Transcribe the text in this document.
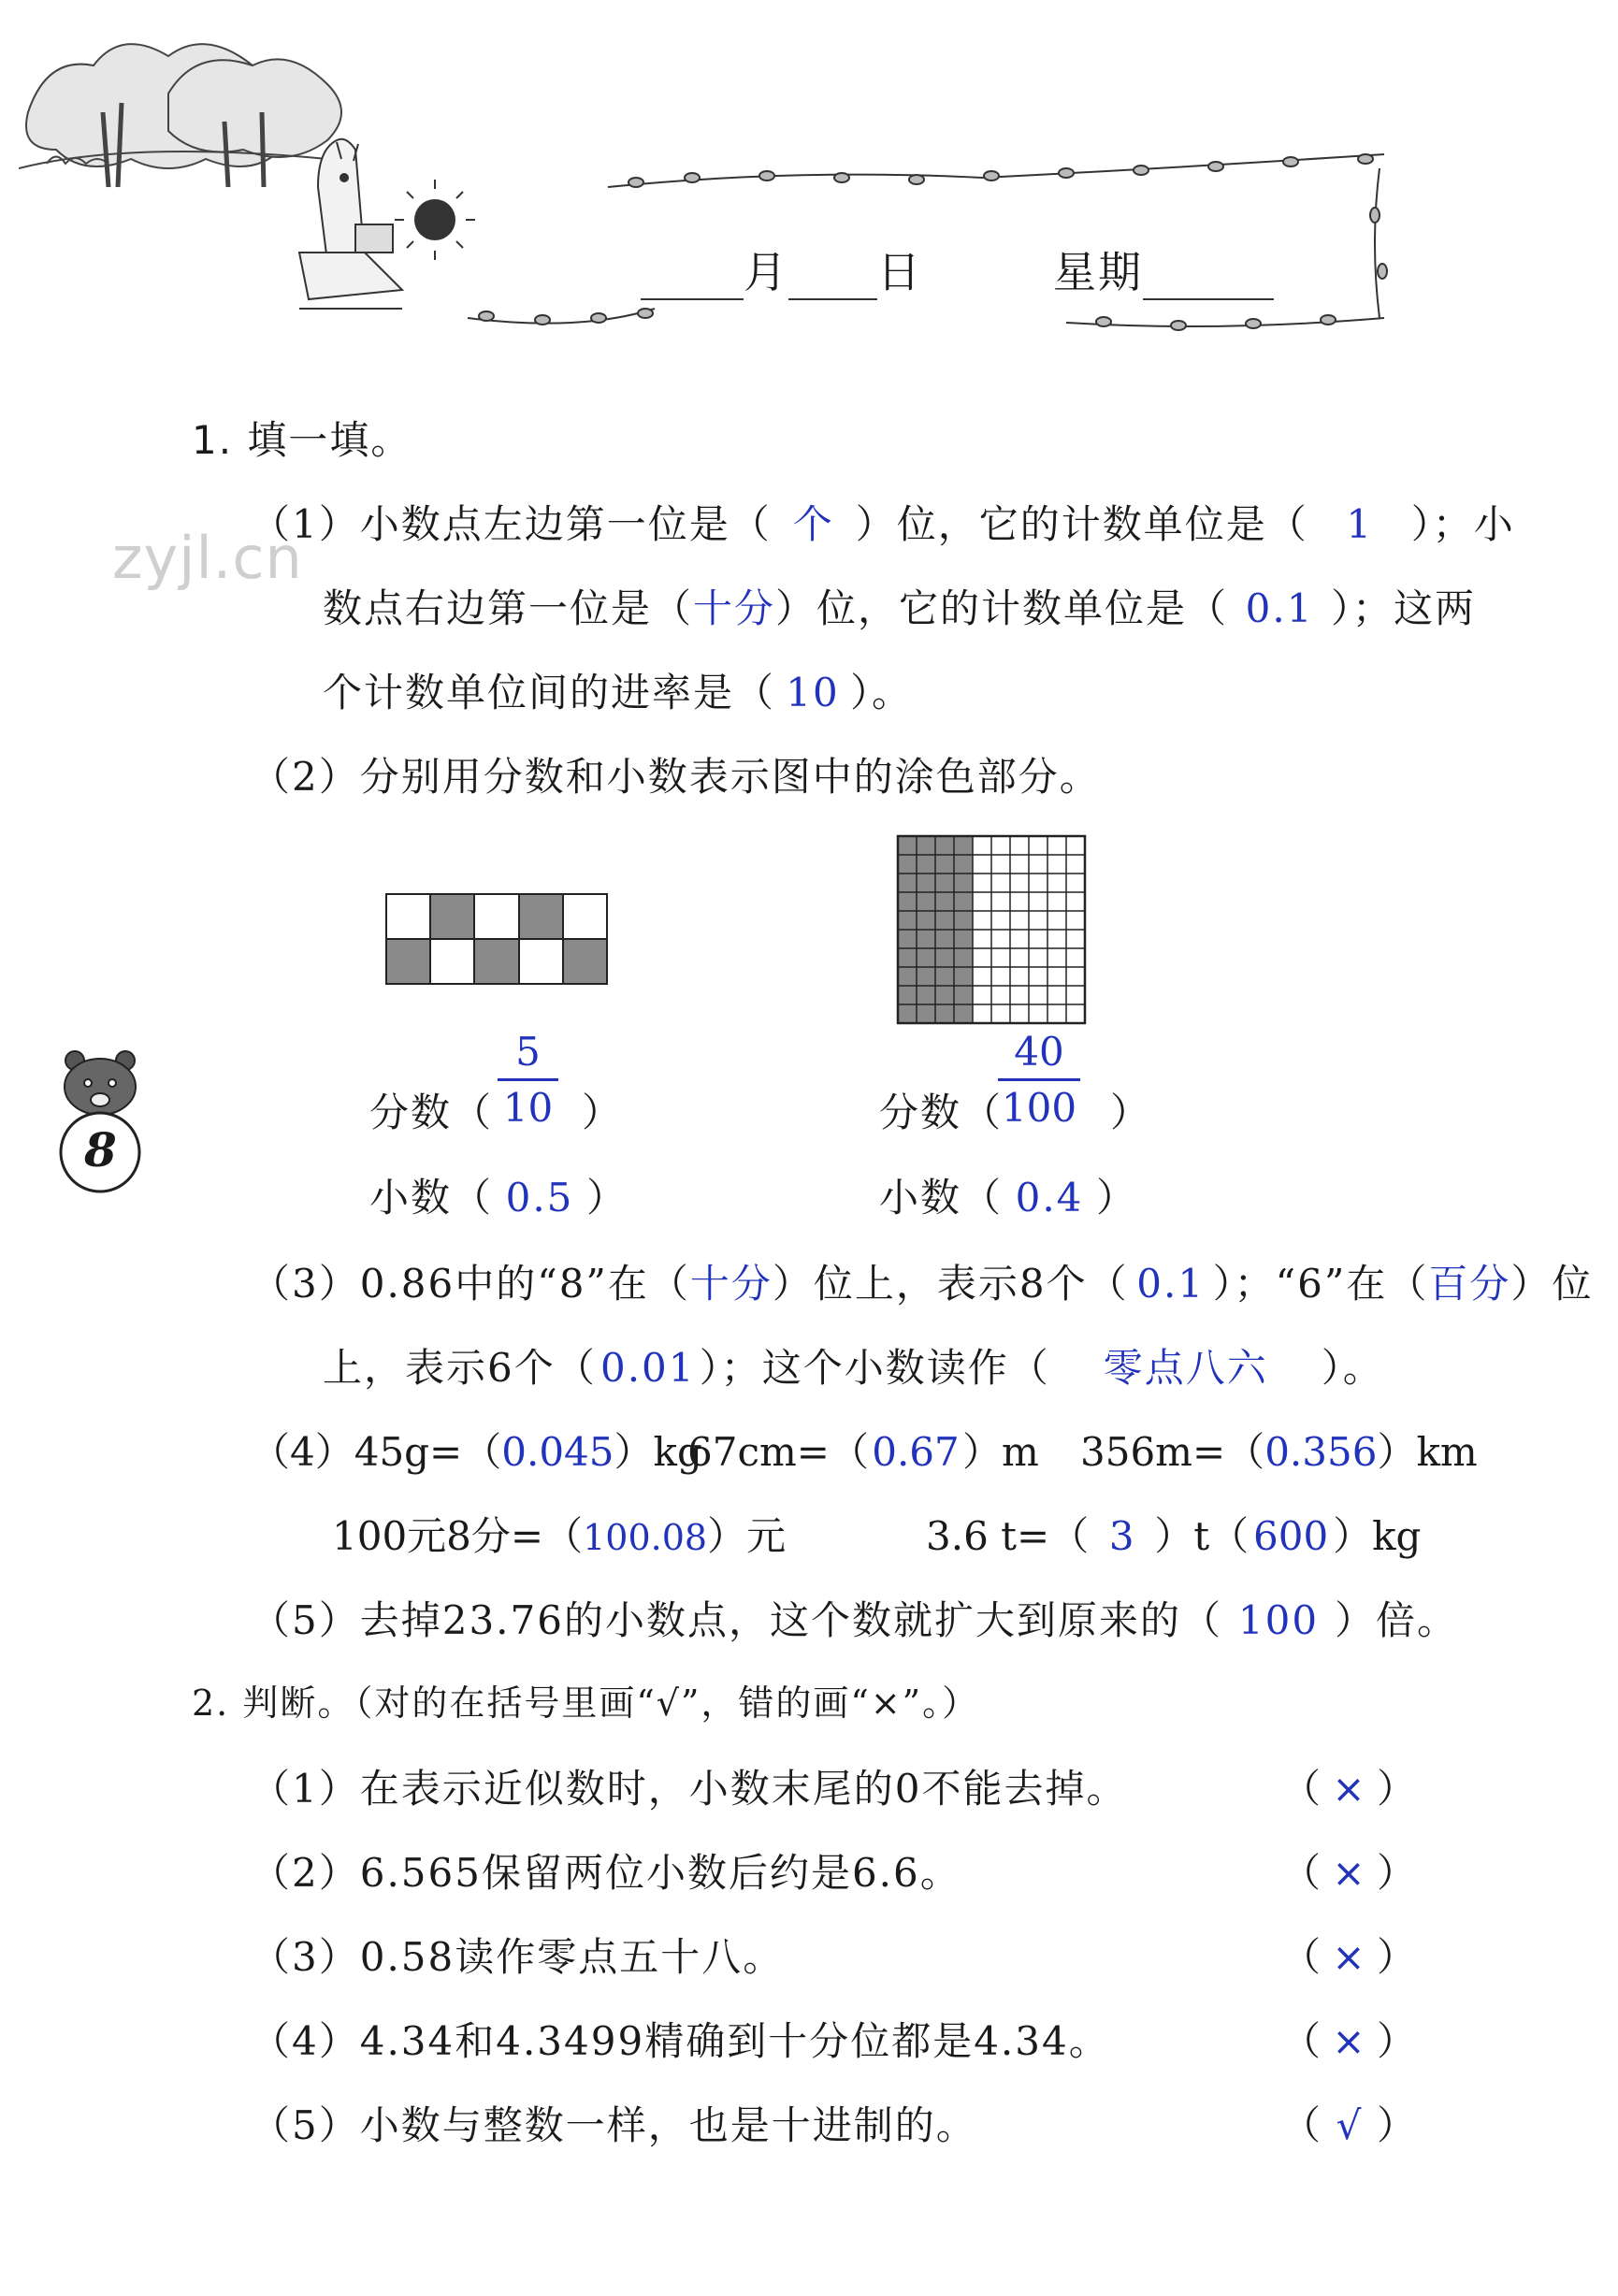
月 日	星期
zyjl.cn
8
1. 填一填。
（1）小数点左边第一位是（ 个 ）位，它的计数单位是（ 1 ）；小
数点右边第一位是（十分）位，它的计数单位是（ 0.1 ）；这两
个计数单位间的进率是（ 10 ）。
（2）分别用分数和小数表示图中的涂色部分。
分数（ ）
5
10
小数（ 0.5 ）
分数（	）
40
100
小数（ 0.4 ）
（3）0.86中的“8”在（十分）位上，表示8个（ 0.1 ）；“6”在（百分）位
上，表示6个（ 0.01 ）；这个小数读作（ 零点八六 ）。
（4）45g=（0.045）kg
67cm=（0.67）m 356m=（0.356）km
100元8分=（100.08）元	3.6 t=（ 3 ）t（ 600 ）kg
（5）去掉23.76的小数点，这个数就扩大到原来的（ 100 ）倍。
2. 判断。（对的在括号里画“√”，错的画“×”。）
（1）在表示近似数时，小数末尾的0不能去掉。	（ × ）
（2）6.565保留两位小数后约是6.6。	（ × ）
（3）0.58读作零点五十八。	（ × ）
（4）4.34和4.3499精确到十分位都是4.34。	（ × ）
（5）小数与整数一样，也是十进制的。	（ √ ）
